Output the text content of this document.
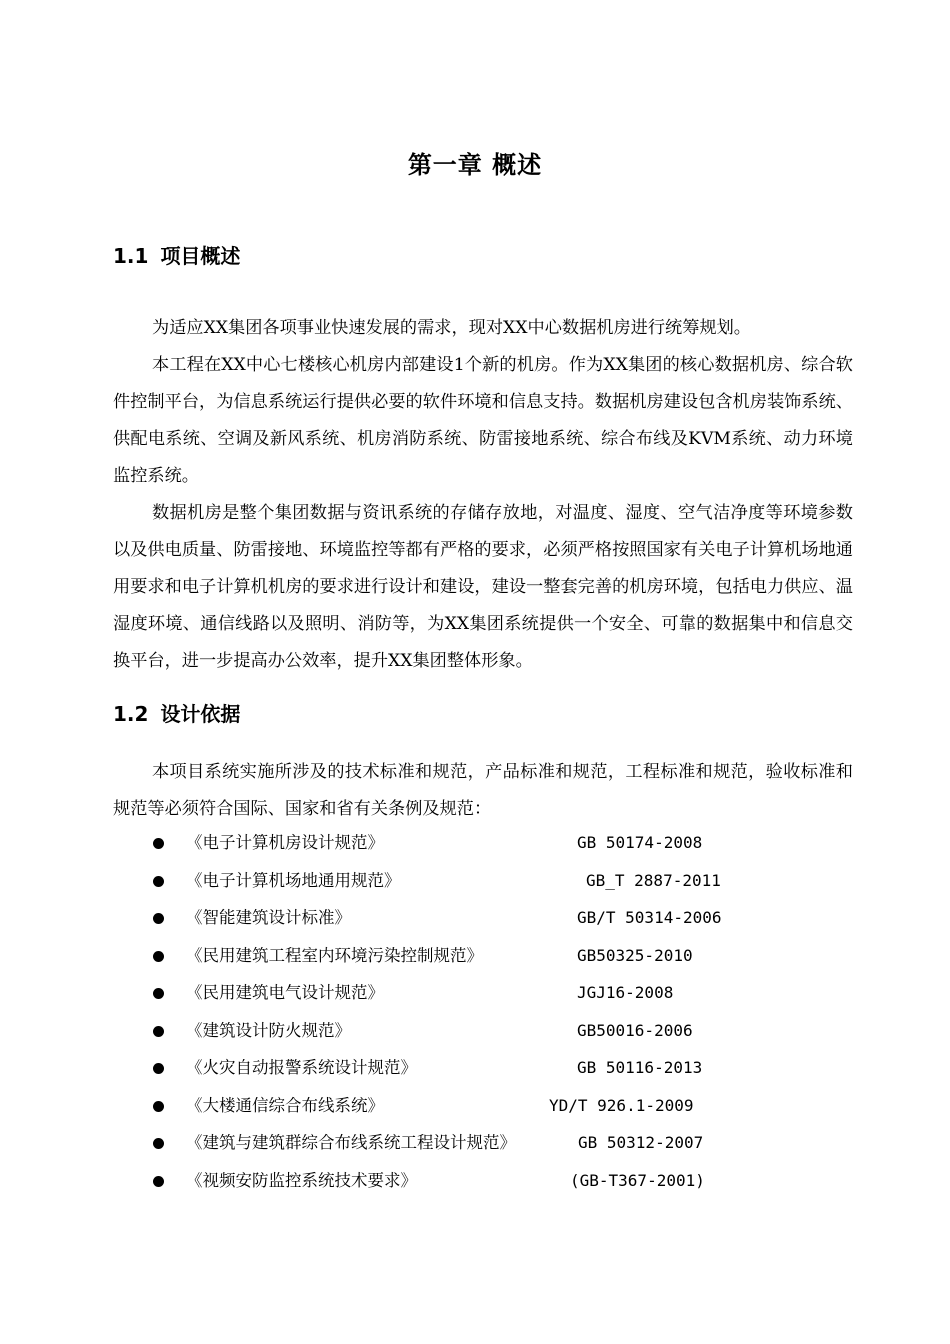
第一章 概述
1.1 项目概述

为适应XX集团各项事业快速发展的需求，现对XX中心数据机房进行统筹规划。

本工程在XX中心七楼核心机房内部建设1个新的机房。作为XX集团的核心数据机房、综合软件控制平台，为信息系统运行提供必要的软件环境和信息支持。数据机房建设包含机房装饰系统、供配电系统、空调及新风系统、机房消防系统、防雷接地系统、综合布线及KVM系统、动力环境监控系统。

数据机房是整个集团数据与资讯系统的存储存放地，对温度、湿度、空气洁净度等环境参数以及供电质量、防雷接地、环境监控等都有严格的要求，必须严格按照国家有关电子计算机场地通用要求和电子计算机机房的要求进行设计和建设，建设一整套完善的机房环境，包括电力供应、温湿度环境、通信线路以及照明、消防等，为XX集团系统提供一个安全、可靠的数据集中和信息交换平台，进一步提高办公效率，提升XX集团整体形象。

1.2 设计依据

本项目系统实施所涉及的技术标准和规范，产品标准和规范，工程标准和规范，验收标准和规范等必须符合国际、国家和省有关条例及规范：

《电子计算机房设计规范》	GB 50174-2008
《电子计算机场地通用规范》	GB_T 2887-2011
《智能建筑设计标准》	GB/T 50314-2006
《民用建筑工程室内环境污染控制规范》	GB50325-2010
《民用建筑电气设计规范》	JGJ16-2008
《建筑设计防火规范》	GB50016-2006
《火灾自动报警系统设计规范》	GB 50116-2013
《大楼通信综合布线系统》	YD/T 926.1-2009
《建筑与建筑群综合布线系统工程设计规范》	GB 50312-2007
《视频安防监控系统技术要求》	(GB-T367-2001)
